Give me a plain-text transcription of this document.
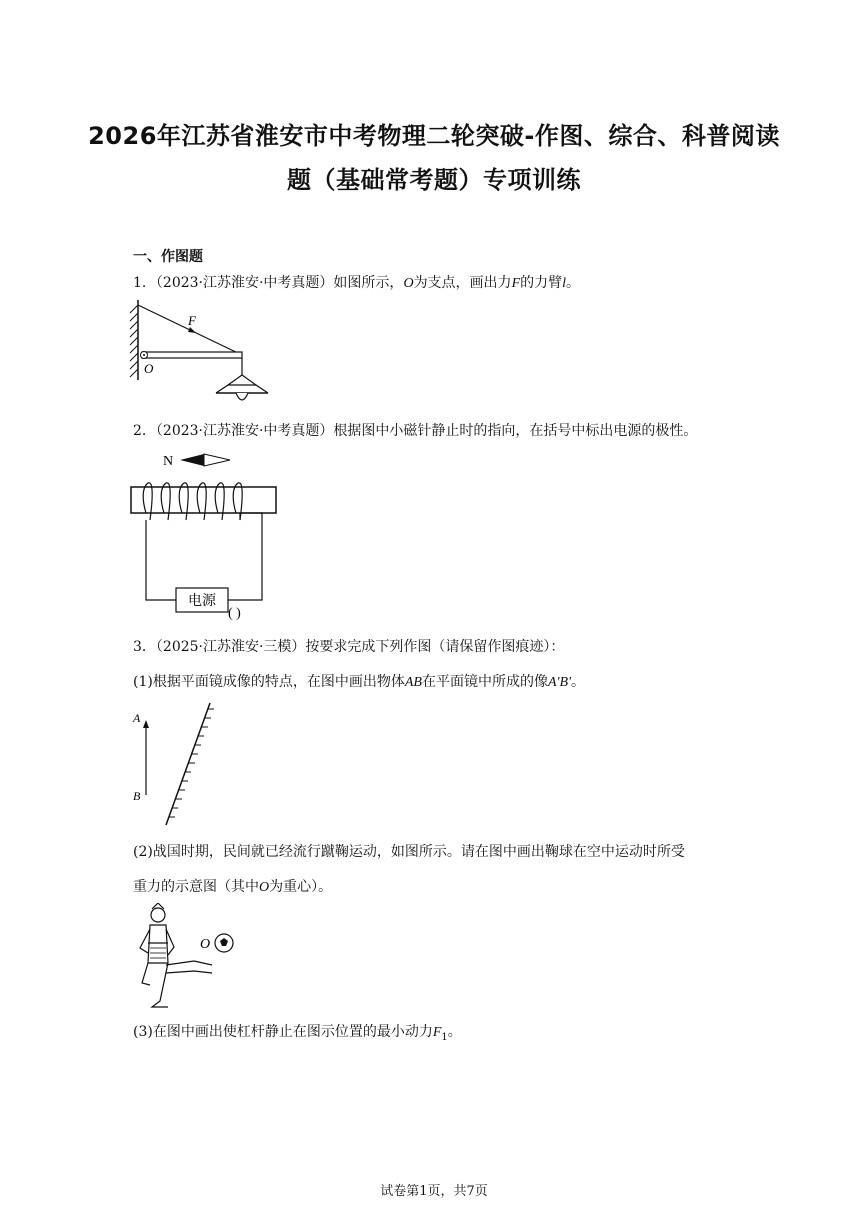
2026年江苏省淮安市中考物理二轮突破-作图、综合、科普阅读
题（基础常考题）专项训练
一、作图题
1．（2023·江苏淮安·中考真题）如图所示，O为支点，画出力F的力臂l。
F
O
2．（2023·江苏淮安·中考真题）根据图中小磁针静止时的指向，在括号中标出电源的极性。
N
电源
( )
3．（2025·江苏淮安·三模）按要求完成下列作图（请保留作图痕迹）：
(1)根据平面镜成像的特点，在图中画出物体AB在平面镜中所成的像A'B'。
A
B
(2)战国时期，民间就已经流行蹴鞠运动，如图所示。请在图中画出鞠球在空中运动时所受
重力的示意图（其中O为重心）。
O
(3)在图中画出使杠杆静止在图示位置的最小动力$F_1$。
试卷第1页，共7页
